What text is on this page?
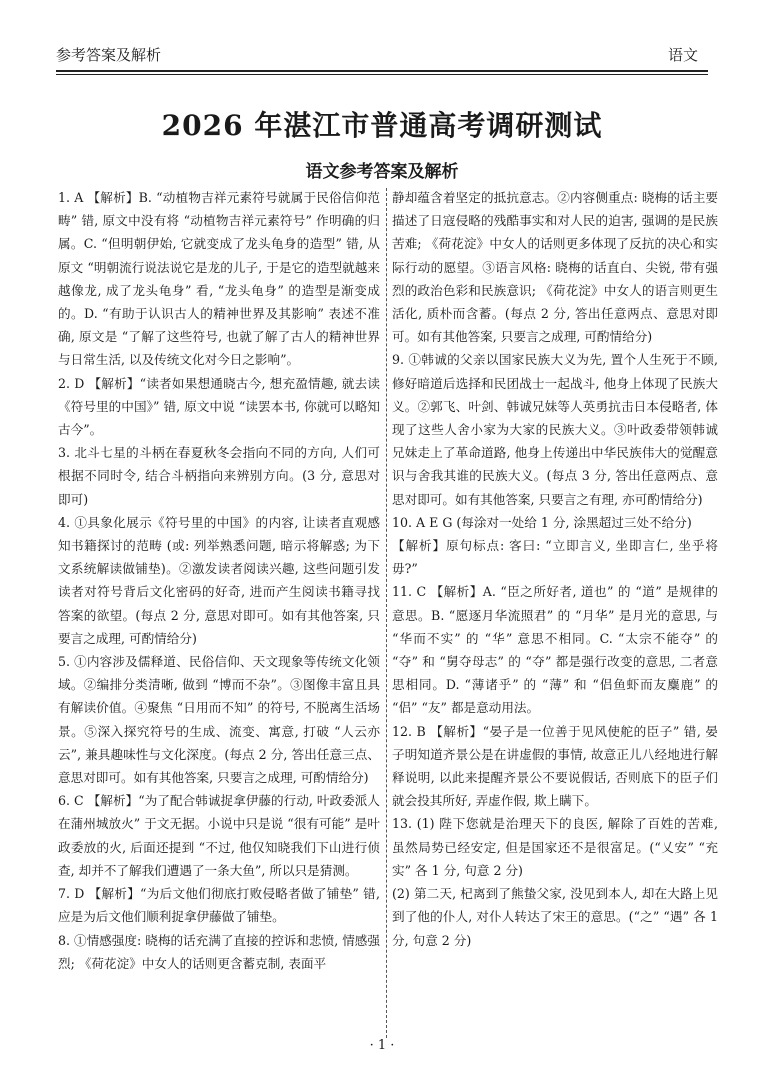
参考答案及解析	语文
2026 年湛江市普通高考调研测试
语文参考答案及解析

1. A 【解析】B. “动植物吉祥元素符号就属于民俗信仰范畴” 错, 原文中没有将 “动植物吉祥元素符号” 作明确的归属。C. “但明朝伊始, 它就变成了龙头龟身的造型” 错, 从原文 “明朝流行说法说它是龙的儿子, 于是它的造型就越来越像龙, 成了龙头龟身” 看, “龙头龟身” 的造型是渐变成的。D. “有助于认识古人的精神世界及其影响” 表述不准确, 原文是 “了解了这些符号, 也就了解了古人的精神世界与日常生活, 以及传统文化对今日之影响”。

2. D 【解析】“读者如果想通晓古今, 想充盈情趣, 就去读《符号里的中国》” 错, 原文中说 “读罢本书, 你就可以略知古今”。

3. 北斗七星的斗柄在春夏秋冬会指向不同的方向, 人们可根据不同时令, 结合斗柄指向来辨别方向。(3 分, 意思对即可)

4. ①具象化展示《符号里的中国》的内容, 让读者直观感知书籍探讨的范畴 (或: 列举熟悉问题, 暗示将解惑; 为下文系统解读做铺垫)。②激发读者阅读兴趣, 这些问题引发读者对符号背后文化密码的好奇, 进而产生阅读书籍寻找答案的欲望。(每点 2 分, 意思对即可。如有其他答案, 只要言之成理, 可酌情给分)

5. ①内容涉及儒释道、民俗信仰、天文现象等传统文化领域。②编排分类清晰, 做到 “博而不杂”。③图像丰富且具有解读价值。④聚焦 “日用而不知” 的符号, 不脱离生活场景。⑤深入探究符号的生成、流变、寓意, 打破 “人云亦云”, 兼具趣味性与文化深度。(每点 2 分, 答出任意三点、意思对即可。如有其他答案, 只要言之成理, 可酌情给分)

6. C 【解析】“为了配合韩诚捉拿伊藤的行动, 叶政委派人在蒲州城放火” 于文无据。小说中只是说 “很有可能” 是叶政委放的火, 后面还提到 “不过, 他仅知晓我们下山进行侦查, 却并不了解我们遭遇了一条大鱼”, 所以只是猜测。

7. D 【解析】“为后文他们彻底打败侵略者做了铺垫” 错, 应是为后文他们顺利捉拿伊藤做了铺垫。

8. ①情感强度: 晓梅的话充满了直接的控诉和悲愤, 情感强烈; 《荷花淀》中女人的话则更含蓄克制, 表面平

静却蕴含着坚定的抵抗意志。②内容侧重点: 晓梅的话主要描述了日寇侵略的残酷事实和对人民的迫害, 强调的是民族苦难; 《荷花淀》中女人的话则更多体现了反抗的决心和实际行动的愿望。③语言风格: 晓梅的话直白、尖锐, 带有强烈的政治色彩和民族意识; 《荷花淀》中女人的语言则更生活化, 质朴而含蓄。(每点 2 分, 答出任意两点、意思对即可。如有其他答案, 只要言之成理, 可酌情给分)

9. ①韩诚的父亲以国家民族大义为先, 置个人生死于不顾, 修好暗道后选择和民团战士一起战斗, 他身上体现了民族大义。②郭飞、叶剑、韩诚兄妹等人英勇抗击日本侵略者, 体现了这些人舍小家为大家的民族大义。③叶政委带领韩诚兄妹走上了革命道路, 他身上传递出中华民族伟大的觉醒意识与舍我其谁的民族大义。(每点 3 分, 答出任意两点、意思对即可。如有其他答案, 只要言之有理, 亦可酌情给分)

10. A E G (每涂对一处给 1 分, 涂黑超过三处不给分)

【解析】原句标点: 客曰: “立即言义, 坐即言仁, 坐乎将毋?”

11. C 【解析】A. “臣之所好者, 道也” 的 “道” 是规律的意思。B. “愿逐月华流照君” 的 “月华” 是月光的意思, 与 “华而不实” 的 “华” 意思不相同。C. “太宗不能夺” 的 “夺” 和 “舅夺母志” 的 “夺” 都是强行改变的意思, 二者意思相同。D. “薄诸乎” 的 “薄” 和 “侣鱼虾而友麋鹿” 的 “侣” “友” 都是意动用法。

12. B 【解析】“晏子是一位善于见风使舵的臣子” 错, 晏子明知道齐景公是在讲虚假的事情, 故意正儿八经地进行解释说明, 以此来提醒齐景公不要说假话, 否则底下的臣子们就会投其所好, 弄虚作假, 欺上瞒下。

13. (1) 陛下您就是治理天下的良医, 解除了百姓的苦难, 虽然局势已经安定, 但是国家还不是很富足。(“乂安” “充实” 各 1 分, 句意 2 分)

(2) 第二天, 杞离到了熊蛰父家, 没见到本人, 却在大路上见到了他的仆人, 对仆人转达了宋王的意思。(“之” “遇” 各 1 分, 句意 2 分)

· 1 ·
